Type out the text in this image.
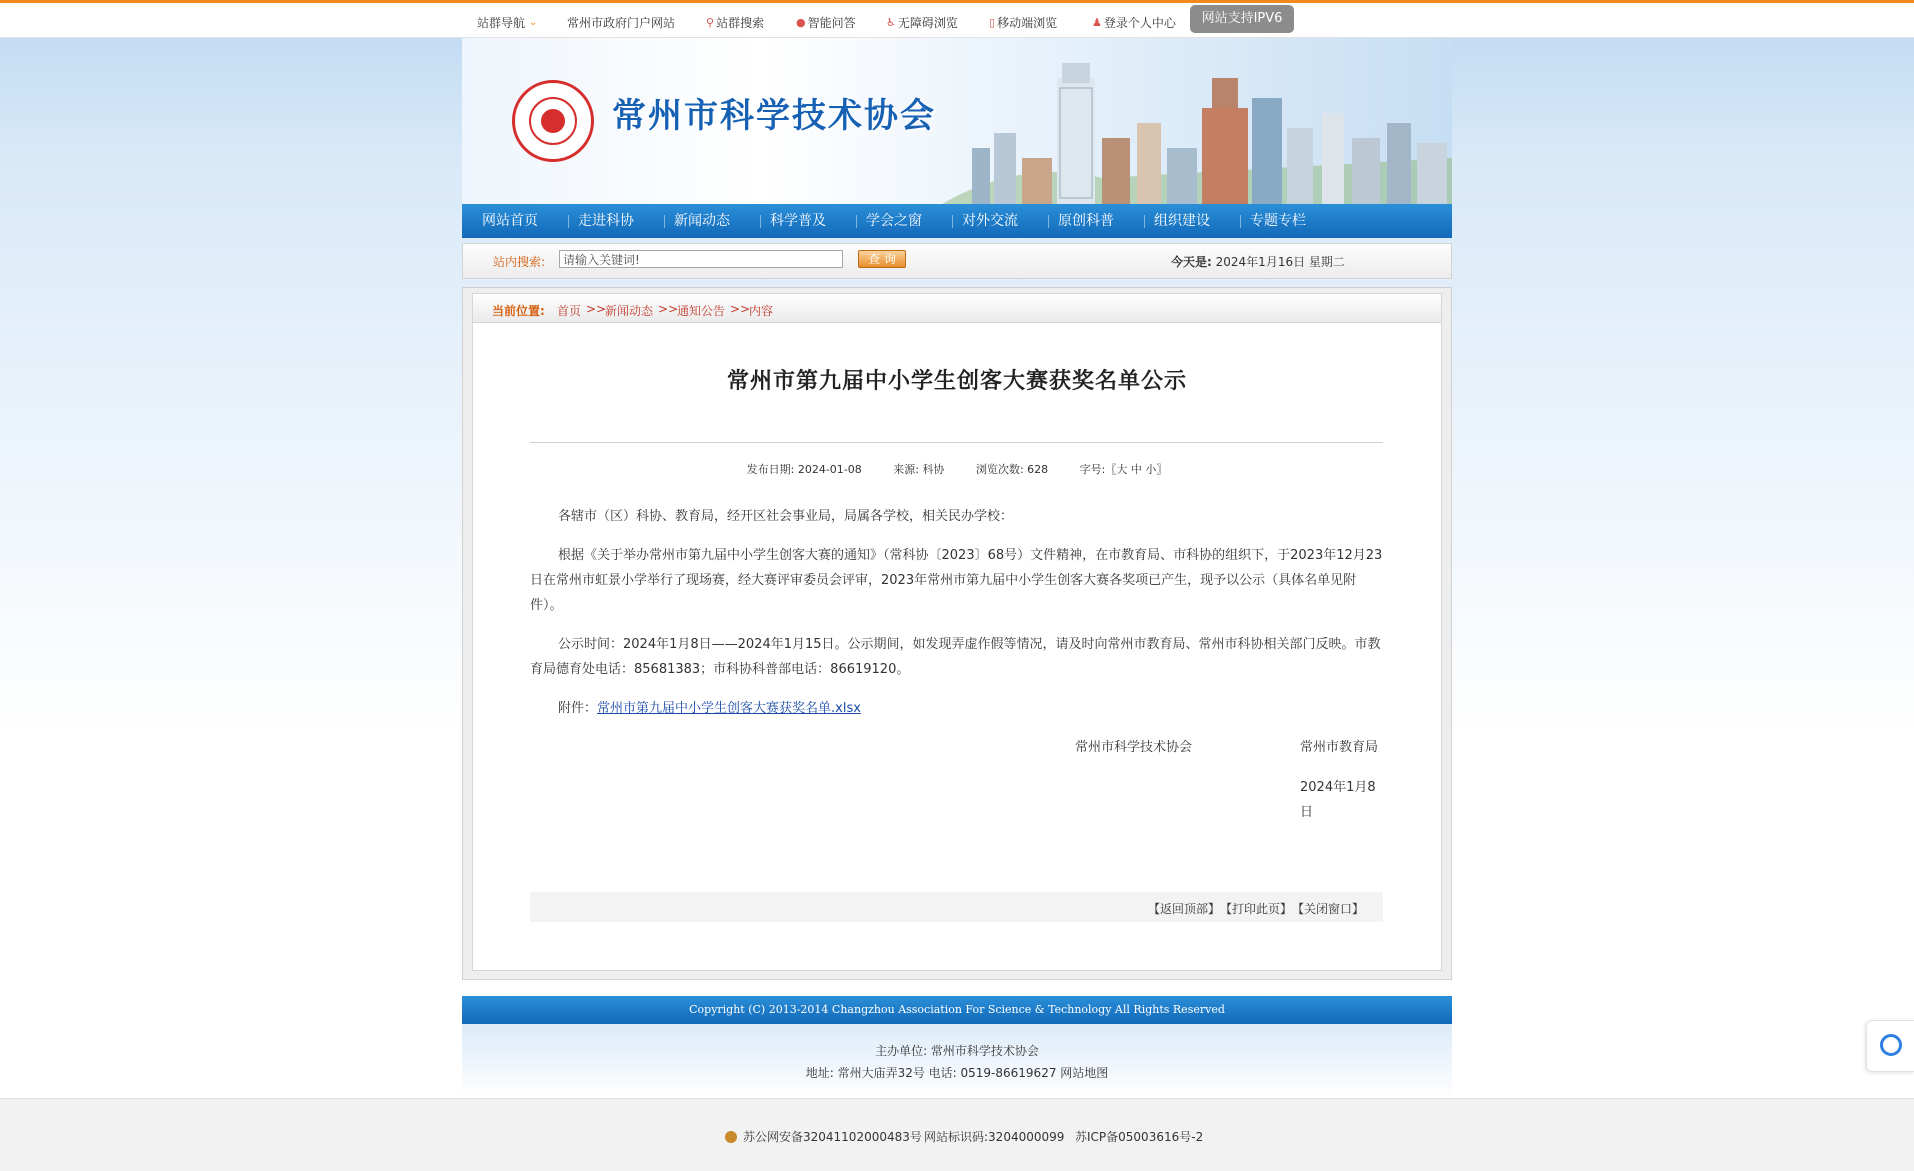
站群导航 ⌄ 常州市政府门户网站	⚲ 站群搜索	● 智能问答	♿ 无障碍浏览	▯ 移动端浏览	♟ 登录个人中心	网站支持IPV6
常州市科学技术协会
网站首页	走进科协	新闻动态	科学普及	学会之窗	对外交流	原创科普	组织建设	专题专栏
站内搜索:	请输入关键词!	查 询	今天是: 2024年1月16日 星期二
当前位置: 首页 >>
新闻动态 >>
通知公告 >>
内容
常州市第九届中小学生创客大赛获奖名单公示
发布日期: 2024-01-08	来源: 科协	浏览次数: 628	字号:〖大 中 小〗

各辖市（区）科协、教育局，经开区社会事业局，局属各学校，相关民办学校：

根据《关于举办常州市第九届中小学生创客大赛的通知》（常科协〔2023〕68号）文件精神，在市教育局、市科协的组织下，于2023年12月23日在常州市虹景小学举行了现场赛，经大赛评审委员会评审，2023年常州市第九届中小学生创客大赛各奖项已产生，现予以公示（具体名单见附件）。

公示时间：2024年1月8日——2024年1月15日。公示期间，如发现弄虚作假等情况，请及时向常州市教育局、常州市科协相关部门反映。市教育局德育处电话：85681383；市科协科普部电话：86619120。

附件：常州市第九届中小学生创客大赛获奖名单.xlsx

常州市科学技术协会	常州市教育局
2024年1月8日
【返回顶部】 【打印此页】 【关闭窗口】
Copyright (C) 2013-2014 Changzhou Association For Science & Technology All Rights Reserved
主办单位: 常州市科学技术协会
地址: 常州大庙弄32号 电话: 0519-86619627 网站地图
苏公网安备32041102000483号 网站标识码:3204000099 苏ICP备05003616号-2
